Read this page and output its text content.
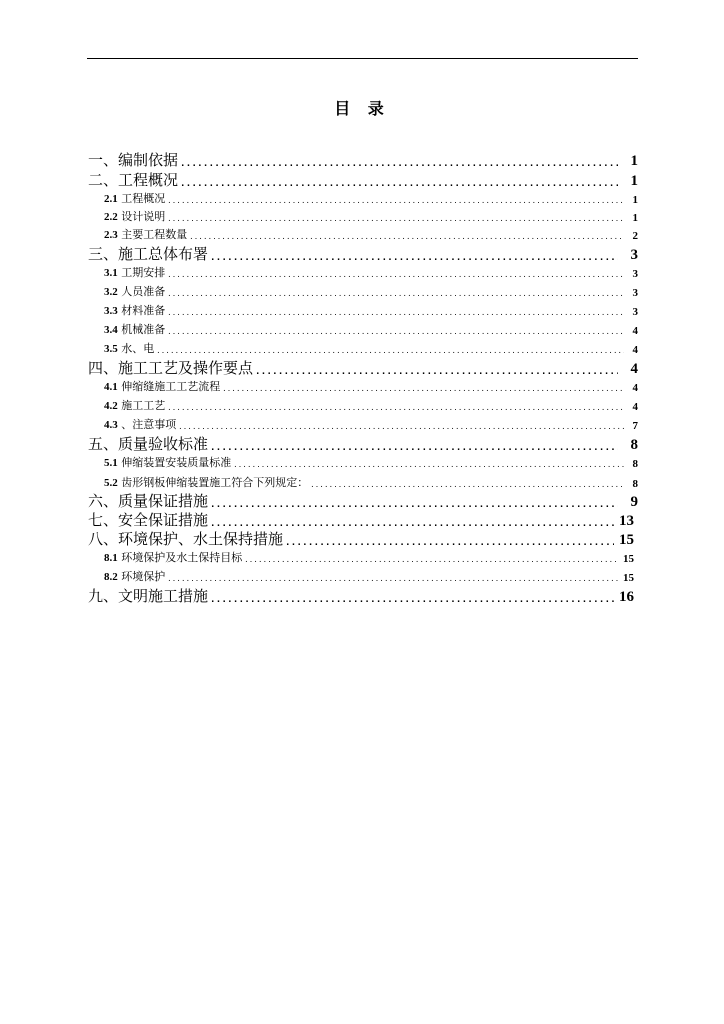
目 录
一、编制依据 .....	1
二、工程概况 .....	1
2.1 工程概况 .....	1
2.2 设计说明 .....	1
2.3 主要工程数量 .....	2
三、施工总体布署 .....	3
3.1 工期安排 .....	3
3.2 人员准备 .....	3
3.3 材料准备 .....	3
3.4 机械准备 .....	4
3.5 水、电 .....	4
四、施工工艺及操作要点 .....	4
4.1 伸缩缝施工工艺流程 .....	4
4.2 施工工艺 .....	4
4.3 、注意事项 .....	7
五、质量验收标准 .....	8
5.1 伸缩装置安装质量标准 .....	8
5.2 齿形钢板伸缩装置施工符合下列规定： .....	8
六、质量保证措施 .....	9
七、安全保证措施 .....	13
八、环境保护、水土保持措施 .....	15
8.1 环境保护及水土保持目标 .....	15
8.2 环境保护 .....	15
九、文明施工措施 .....	16
